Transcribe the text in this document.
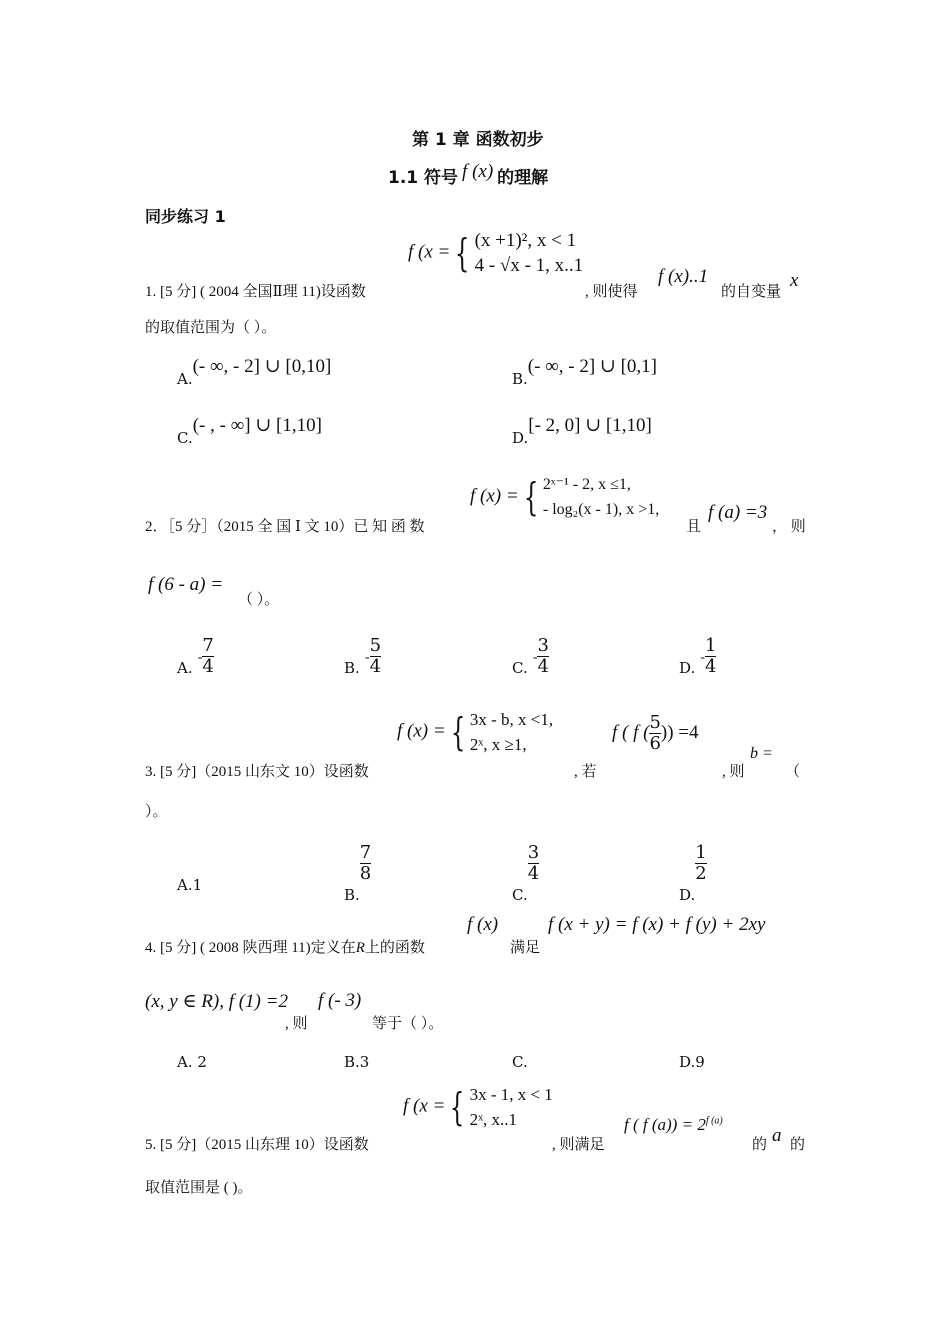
第 1 章 函数初步
1.1 符号 f (x) 的理解
同步练习 1
f (x = { (x +1)², x < 1
4 - √x - 1, x..1
1. [5 分] ( 2004 全国Ⅱ理 11)设函数	, 则使得
f (x)..1
的自变量
x
的取值范围为（ ）。
A.(- ∞, - 2] ∪ [0,10]
B.(- ∞, - 2] ∪ [0,1]
C.(- , - ∞] ∪ [1,10]
D.[- 2, 0] ∪ [1,10]
2．［5 分］（2015 全 国 Ⅰ 文 10）已 知 函 数
f (x) = { 2ˣ⁻¹ - 2, x ≤1,
- log₂(x - 1), x >1,
且
f (a) =3
， 则
f (6 - a) =
（ ）。
A. - $\frac{7}{4}$	B. - $\frac{5}{4}$	C. - $\frac{3}{4}$	D. - $\frac{1}{4}$
f (x) = { 3x - b, x <1,
2ˣ, x ≥1,
3. [5 分]（2015 山东文 10）设函数	, 若
f ( f ( $\frac{5}{6}$ )) =4
, 则
b =
（
）。
A.1
B.
$\frac{7}{8}$
C.
$\frac{3}{4}$
D.
$\frac{1}{2}$
4. [5 分] ( 2008 陕西理 11)定义在R上的函数
f (x)
满足
f (x + y) = f (x) + f (y) + 2xy
(x, y ∈ R), f (1) =2
, 则
f (- 3)
等于（ ）。
A. 2	B.3	C.	D.9
f (x = { 3x - 1, x < 1
2ˣ, x..1
5. [5 分]（2015 山东理 10）设函数	, 则满足
f ( f $(a)) = 2^{f (a)}$
的 a 的
取值范围是 ( )。
